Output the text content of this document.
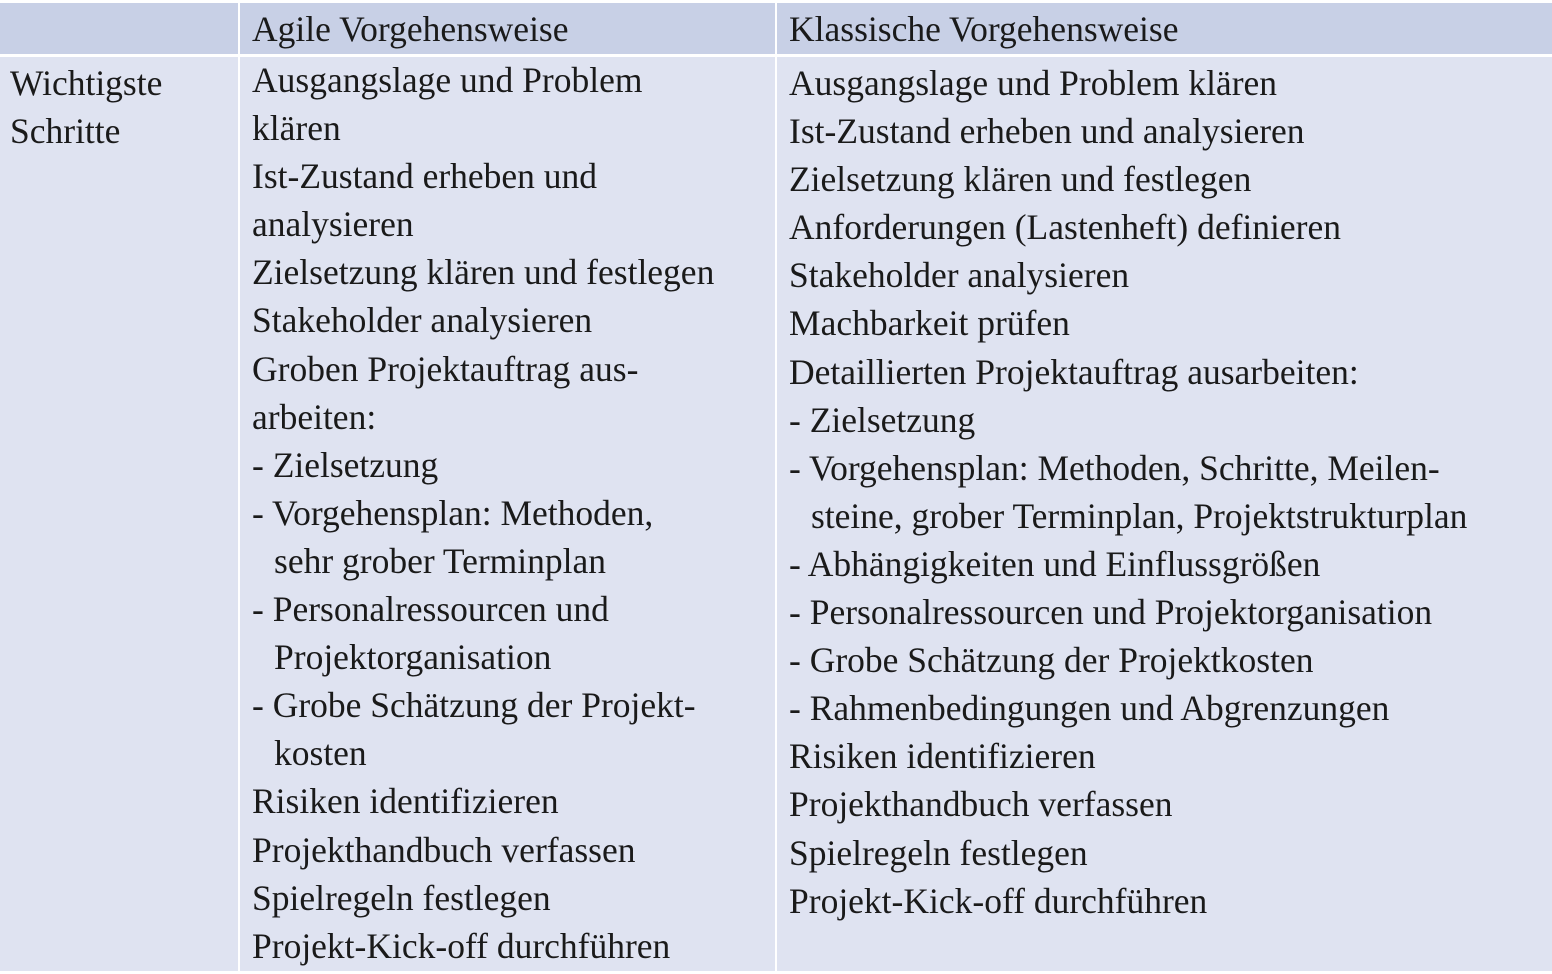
Agile Vorgehensweise	Klassische Vorgehensweise
Wichtigste
Schritte
Ausgangslage und Problem
klären
Ist-Zustand erheben und
analysieren
Zielsetzung klären und festlegen
Stakeholder analysieren
Groben Projektauftrag aus-
arbeiten:
- Zielsetzung
- Vorgehensplan: Methoden,
sehr grober Terminplan
- Personalressourcen und
Projektorganisation
- Grobe Schätzung der Projekt-
kosten
Risiken identifizieren
Projekthandbuch verfassen
Spielregeln festlegen
Projekt-Kick-off durchführen
Ausgangslage und Problem klären
Ist-Zustand erheben und analysieren
Zielsetzung klären und festlegen
Anforderungen (Lastenheft) definieren
Stakeholder analysieren
Machbarkeit prüfen
Detaillierten Projektauftrag ausarbeiten:
- Zielsetzung
- Vorgehensplan: Methoden, Schritte, Meilen-
steine, grober Terminplan, Projektstrukturplan
- Abhängigkeiten und Einflussgrößen
- Personalressourcen und Projektorganisation
- Grobe Schätzung der Projektkosten
- Rahmenbedingungen und Abgrenzungen
Risiken identifizieren
Projekthandbuch verfassen
Spielregeln festlegen
Projekt-Kick-off durchführen
